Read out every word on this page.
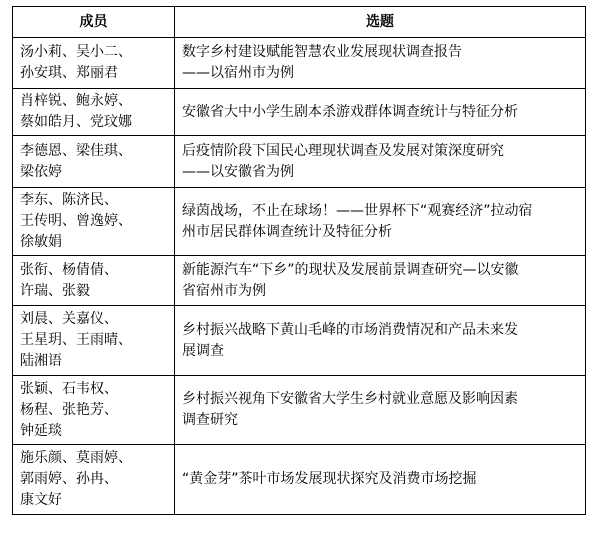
成员	选题
汤小莉、吴小二、
孙安琪、郑丽君	数字乡村建设赋能智慧农业发展现状调查报告
——以宿州市为例
肖梓锐、鲍永婷、
蔡如皓月、党玟娜	安徽省大中小学生剧本杀游戏群体调查统计与特征分析
李德恩、梁佳琪、
梁依婷	后疫情阶段下国民心理现状调查及发展对策深度研究
——以安徽省为例
李东、陈济民、
王传明、曾逸婷、
徐敏娟	绿茵战场，不止在球场！——世界杯下“观赛经济”拉动宿
州市居民群体调查统计及特征分析
张衔、杨倩倩、
许瑞、张毅	新能源汽车“下乡”的现状及发展前景调查研究—以安徽
省宿州市为例
刘晨、关嘉仪、
王星玥、王雨晴、
陆湘语	乡村振兴战略下黄山毛峰的市场消费情况和产品未来发
展调查
张颖、石韦权、
杨程、张艳芳、
钟延琰	乡村振兴视角下安徽省大学生乡村就业意愿及影响因素
调查研究
施乐颜、莫雨婷、
郭雨婷、孙冉、
康文好	“黄金芽”茶叶市场发展现状探究及消费市场挖掘
